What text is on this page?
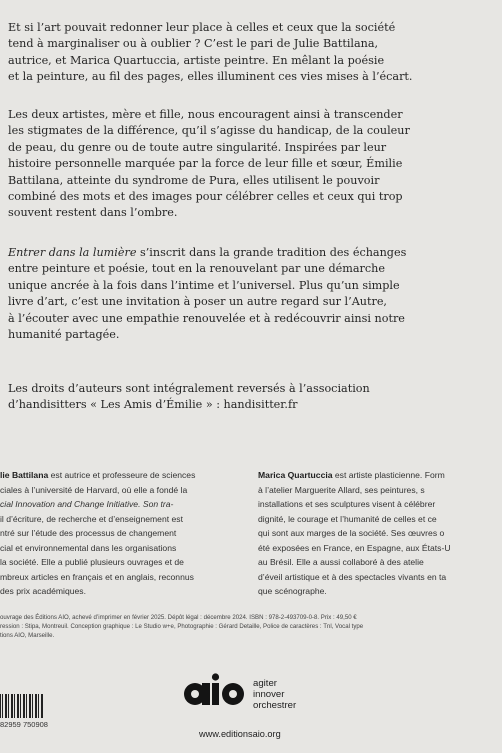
Et si l’art pouvait redonner leur place à celles et ceux que la société
tend à marginaliser ou à oublier ? C’est le pari de Julie Battilana,
autrice, et Marica Quartuccia, artiste peintre. En mêlant la poésie
et la peinture, au fil des pages, elles illuminent ces vies mises à l’écart.
Les deux artistes, mère et fille, nous encouragent ainsi à transcender
les stigmates de la différence, qu’il s’agisse du handicap, de la couleur
de peau, du genre ou de toute autre singularité. Inspirées par leur
histoire personnelle marquée par la force de leur fille et sœur, Émilie
Battilana, atteinte du syndrome de Pura, elles utilisent le pouvoir
combiné des mots et des images pour célébrer celles et ceux qui trop
souvent restent dans l’ombre.
Entrer dans la lumière s’inscrit dans la grande tradition des échanges
entre peinture et poésie, tout en la renouvelant par une démarche
unique ancrée à la fois dans l’intime et l’universel. Plus qu’un simple
livre d’art, c’est une invitation à poser un autre regard sur l’Autre,
à l’écouter avec une empathie renouvelée et à redécouvrir ainsi notre
humanité partagée.
Les droits d’auteurs sont intégralement reversés à l’association
d’handisitters « Les Amis d’Émilie » : handisitter.fr
lie Battilana est autrice et professeure de sciences
ciales à l’université de Harvard, où elle a fondé la
cial Innovation and Change Initiative. Son tra-
il d’écriture, de recherche et d’enseignement est
ntré sur l’étude des processus de changement
cial et environnemental dans les organisations
la société. Elle a publié plusieurs ouvrages et de
mbreux articles en français et en anglais, reconnus
des prix académiques.
Marica Quartuccia est artiste plasticienne. Form
à l’atelier Marguerite Allard, ses peintures, s
installations et ses sculptures visent à célébrer
dignité, le courage et l’humanité de celles et ce
qui sont aux marges de la société. Ses œuvres o
été exposées en France, en Espagne, aux États-U
au Brésil. Elle a aussi collaboré à des atelie
d’éveil artistique et à des spectacles vivants en ta
que scénographe.
ouvrage des Éditions AIO, achevé d’imprimer en février 2025. Dépôt légal : décembre 2024. ISBN : 978-2-493709-0-8. Prix : 49,50 €
ression : Stipa, Montreuil. Conception graphique : Le Studio w+e, Photographie : Gérard Detaille, Police de caractères : Tnl, Vocal type
tions AIO, Marseille.
82959 750908
agiter
innover
orchestrer
www.editionsaio.org
